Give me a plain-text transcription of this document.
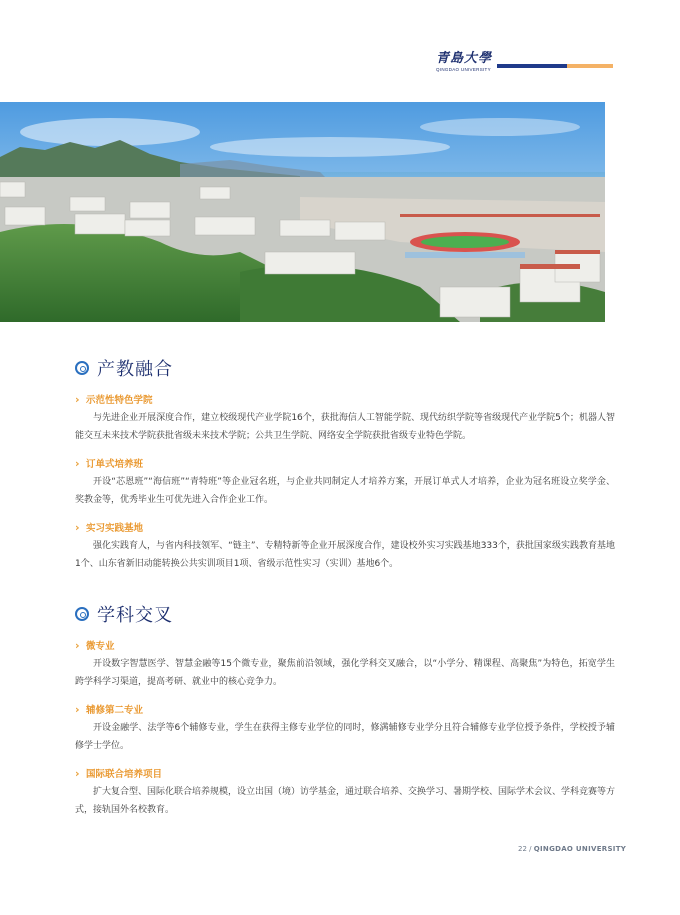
青島大學
QINGDAO UNIVERSITY
产教融合
› 示范性特色学院

与先进企业开展深度合作，建立校级现代产业学院16个，获批海信人工智能学院、现代纺织学院等省级现代产业学院5个；机器人智能交互未来技术学院获批省级未来技术学院；公共卫生学院、网络安全学院获批省级专业特色学院。

› 订单式培养班

开设“芯恩班”“海信班”“青特班”等企业冠名班，与企业共同制定人才培养方案，开展订单式人才培养，企业为冠名班设立奖学金、奖教金等，优秀毕业生可优先进入合作企业工作。

› 实习实践基地

强化实践育人，与省内科技领军、“链主”、专精特新等企业开展深度合作，建设校外实习实践基地333个，获批国家级实践教育基地1个、山东省新旧动能转换公共实训项目1项、省级示范性实习（实训）基地6个。

学科交叉
› 微专业

开设数字智慧医学、智慧金融等15个微专业，聚焦前沿领域，强化学科交叉融合，以“小学分、精课程、高聚焦”为特色，拓宽学生跨学科学习渠道，提高考研、就业中的核心竞争力。

› 辅修第二专业

开设金融学、法学等6个辅修专业，学生在获得主修专业学位的同时，修满辅修专业学分且符合辅修专业学位授予条件，学校授予辅修学士学位。

› 国际联合培养项目

扩大复合型、国际化联合培养规模，设立出国（境）访学基金，通过联合培养、交换学习、暑期学校、国际学术会议、学科竞赛等方式，接轨国外名校教育。

22 / QINGDAO UNIVERSITY
